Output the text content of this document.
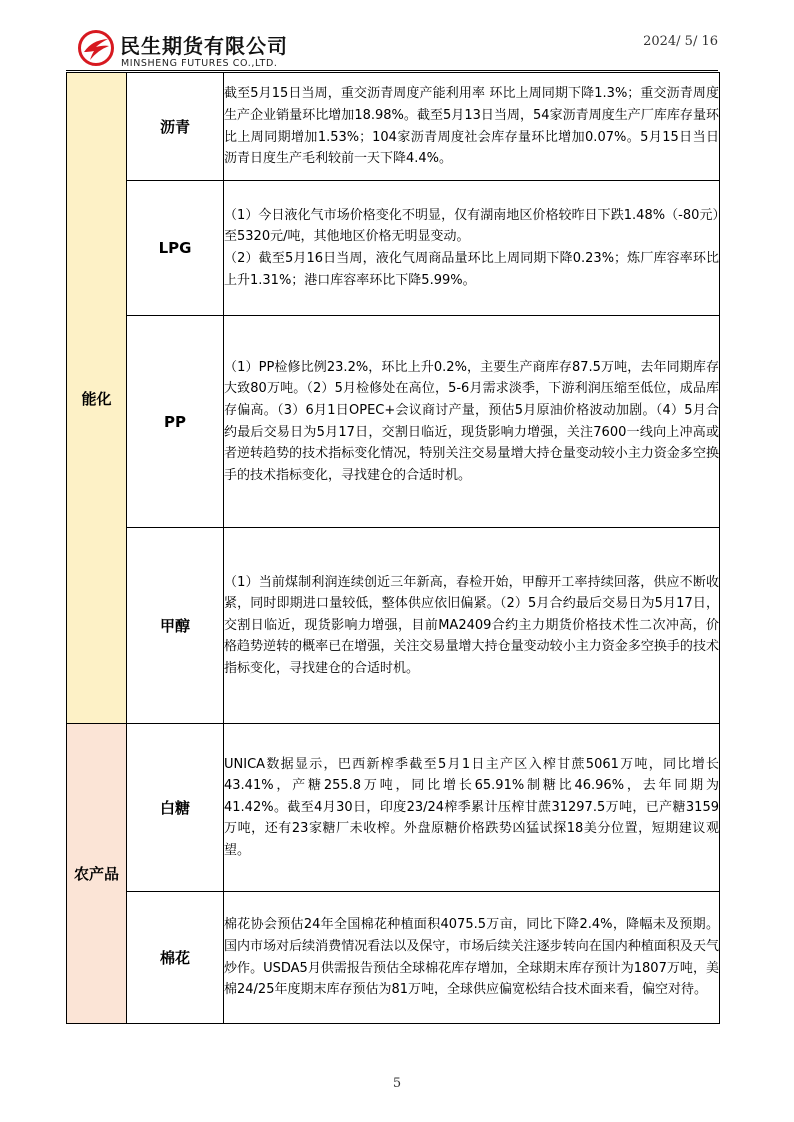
民生期货有限公司
MINSHENG FUTURES CO.,LTD.
2024/ 5/ 16
能化	沥青	截至5月15日当周，重交沥青周度产能利用率 环比上周同期下降1.3%；重交沥青周度生产企业销量环比增加18.98%。截至5月13日当周，54家沥青周度生产厂库库存量环比上周同期增加1.53%；104家沥青周度社会库存量环比增加0.07%。5月15日当日沥青日度生产毛利较前一天下降4.4%。
	LPG	（1）今日液化气市场价格变化不明显，仅有湖南地区价格较昨日下跌1.48%（-80元）至5320元/吨，其他地区价格无明显变动。
（2）截至5月16日当周，液化气周商品量环比上周同期下降0.23%；炼厂库容率环比上升1.31%；港口库容率环比下降5.99%。
	PP	（1）PP检修比例23.2%，环比上升0.2%，主要生产商库存87.5万吨，去年同期库存大致80万吨。（2）5月检修处在高位，5-6月需求淡季，下游利润压缩至低位，成品库存偏高。（3）6月1日OPEC+会议商讨产量，预估5月原油价格波动加剧。（4）5月合约最后交易日为5月17日，交割日临近，现货影响力增强，关注7600一线向上冲高或者逆转趋势的技术指标变化情况，特别关注交易量增大持仓量变动较小主力资金多空换手的技术指标变化，寻找建仓的合适时机。
	甲醇	（1）当前煤制利润连续创近三年新高，春检开始，甲醇开工率持续回落，供应不断收紧，同时即期进口量较低，整体供应依旧偏紧。（2）5月合约最后交易日为5月17日，交割日临近，现货影响力增强，目前MA2409合约主力期货价格技术性二次冲高，价格趋势逆转的概率已在增强，关注交易量增大持仓量变动较小主力资金多空换手的技术指标变化，寻找建仓的合适时机。
农产品	白糖	UNICA数据显示，巴西新榨季截至5月1日主产区入榨甘蔗5061万吨，同比增长43.41%，产糖255.8万吨，同比增长65.91%制糖比46.96%，去年同期为41.42%。截至4月30日，印度23/24榨季累计压榨甘蔗31297.5万吨，已产糖3159万吨，还有23家糖厂未收榨。外盘原糖价格跌势凶猛试探18美分位置，短期建议观望。
	棉花	棉花协会预估24年全国棉花种植面积4075.5万亩，同比下降2.4%，降幅未及预期。国内市场对后续消费情况看法以及保守，市场后续关注逐步转向在国内种植面积及天气炒作。USDA5月供需报告预估全球棉花库存增加，全球期末库存预计为1807万吨，美棉24/25年度期末库存预估为81万吨，全球供应偏宽松结合技术面来看，偏空对待。
5
